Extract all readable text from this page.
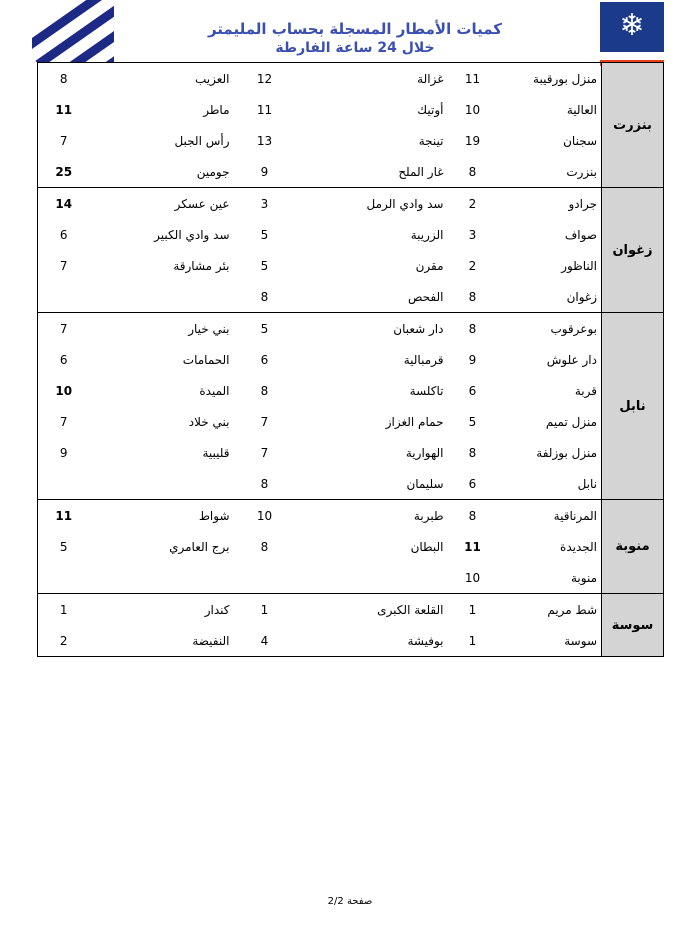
❄
كميات الأمطار المسجلة بحساب المليمتر
خلال 24 ساعة الفارطة
بنزرت	منزل بورقيبة	11	غزالة	12	العزيب	8
	العالية	10	أوتيك	11	ماطر	11
	سجنان	19	تينجة	13	رأس الجبل	7
	بنزرت	8	غار الملح	9	جومين	25
زغوان	جرادو	2	سد وادي الرمل	3	عين عسكر	14
	صواف	3	الزريبة	5	سد وادي الكبير	6
	الناظور	2	مقرن	5	بئر مشارقة	7
	زغوان	8	الفحص	8		
نابل	بوعرقوب	8	دار شعبان	5	بني خيار	7
	دار علوش	9	قرمبالية	6	الحمامات	6
	قربة	6	تاكلسة	8	الميدة	10
	منزل تميم	5	حمام الغزاز	7	بني خلاد	7
	منزل بوزلفة	8	الهوارية	7	قليبية	9
	نابل	6	سليمان	8		
منوبة	المرناقية	8	طبربة	10	شواط	11
	الجديدة	11	البطان	8	برج العامري	5
	منوبة	10				
سوسة	شط مريم	1	القلعة الكبرى	1	كندار	1
	سوسة	1	بوفيشة	4	النفيضة	2
صفحة 2/2
